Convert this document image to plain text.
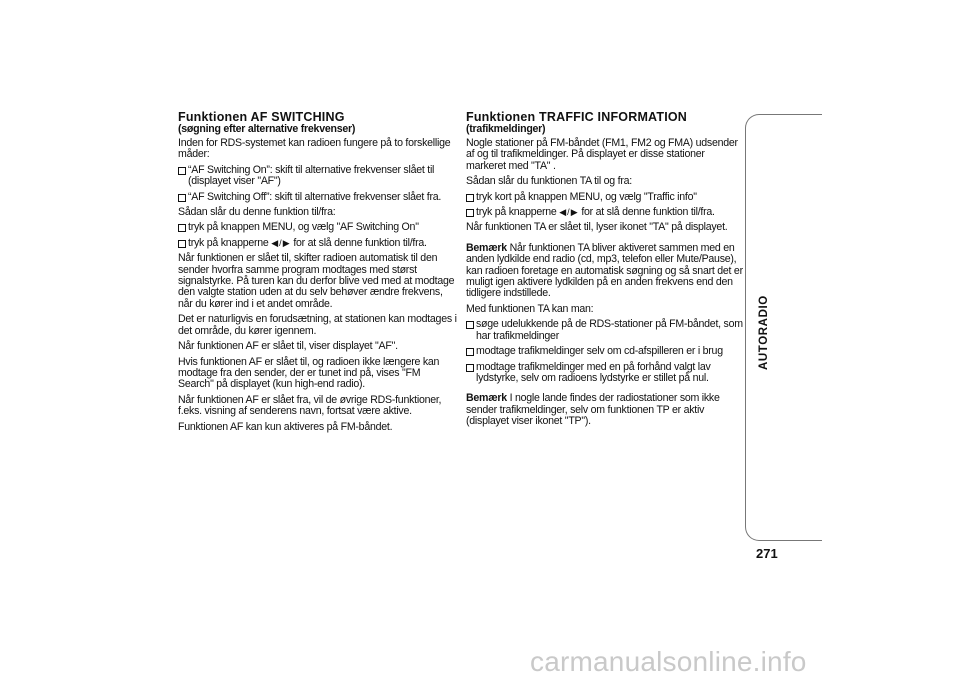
Funktionen AF SWITCHING
(søgning efter alternative frekvenser)
Inden for RDS-systemet kan radioen fungere på to forskellige måder:
“AF Switching On”: skift til alternative frekvenser slået til (displayet viser "AF")
“AF Switching Off”: skift til alternative frekvenser slået fra.
Sådan slår du denne funktion til/fra:
tryk på knappen MENU, og vælg "AF Switching On"
tryk på knapperne ◀/▶ for at slå denne funktion til/fra.
Når funktionen er slået til, skifter radioen automatisk til den sender hvorfra samme program modtages med størst signalstyrke. På turen kan du derfor blive ved med at modtage den valgte station uden at du selv behøver ændre frekvens, når du kører ind i et andet område.
Det er naturligvis en forudsætning, at stationen kan modtages i det område, du kører igennem.
Når funktionen AF er slået til, viser displayet "AF".
Hvis funktionen AF er slået til, og radioen ikke længere kan modtage fra den sender, der er tunet ind på, vises "FM Search" på displayet (kun high-end radio).
Når funktionen AF er slået fra, vil de øvrige RDS-funktioner, f.eks. visning af senderens navn, fortsat være aktive.
Funktionen AF kan kun aktiveres på FM-båndet.
Funktionen TRAFFIC INFORMATION
(trafikmeldinger)
Nogle stationer på FM-båndet (FM1, FM2 og FMA) udsender af og til trafikmeldinger. På displayet er disse stationer markeret med "TA" .
Sådan slår du funktionen TA til og fra:
tryk kort på knappen MENU, og vælg "Traffic info"
tryk på knapperne ◀/▶ for at slå denne funktion til/fra.
Når funktionen TA er slået til, lyser ikonet "TA" på displayet.
Bemærk Når funktionen TA bliver aktiveret sammen med en anden lydkilde end radio (cd, mp3, telefon eller Mute/Pause), kan radioen foretage en automatisk søgning og så snart det er muligt igen aktivere lydkilden på en anden frekvens end den tidligere indstillede.
Med funktionen TA kan man:
søge udelukkende på de RDS-stationer på FM-båndet, som har trafikmeldinger
modtage trafikmeldinger selv om cd-afspilleren er i brug
modtage trafikmeldinger med en på forhånd valgt lav lydstyrke, selv om radioens lydstyrke er stillet på nul.
Bemærk I nogle lande findes der radiostationer som ikke sender trafikmeldinger, selv om funktionen TP er aktiv (displayet viser ikonet "TP").
AUTORADIO
271
carmanualsonline.info
